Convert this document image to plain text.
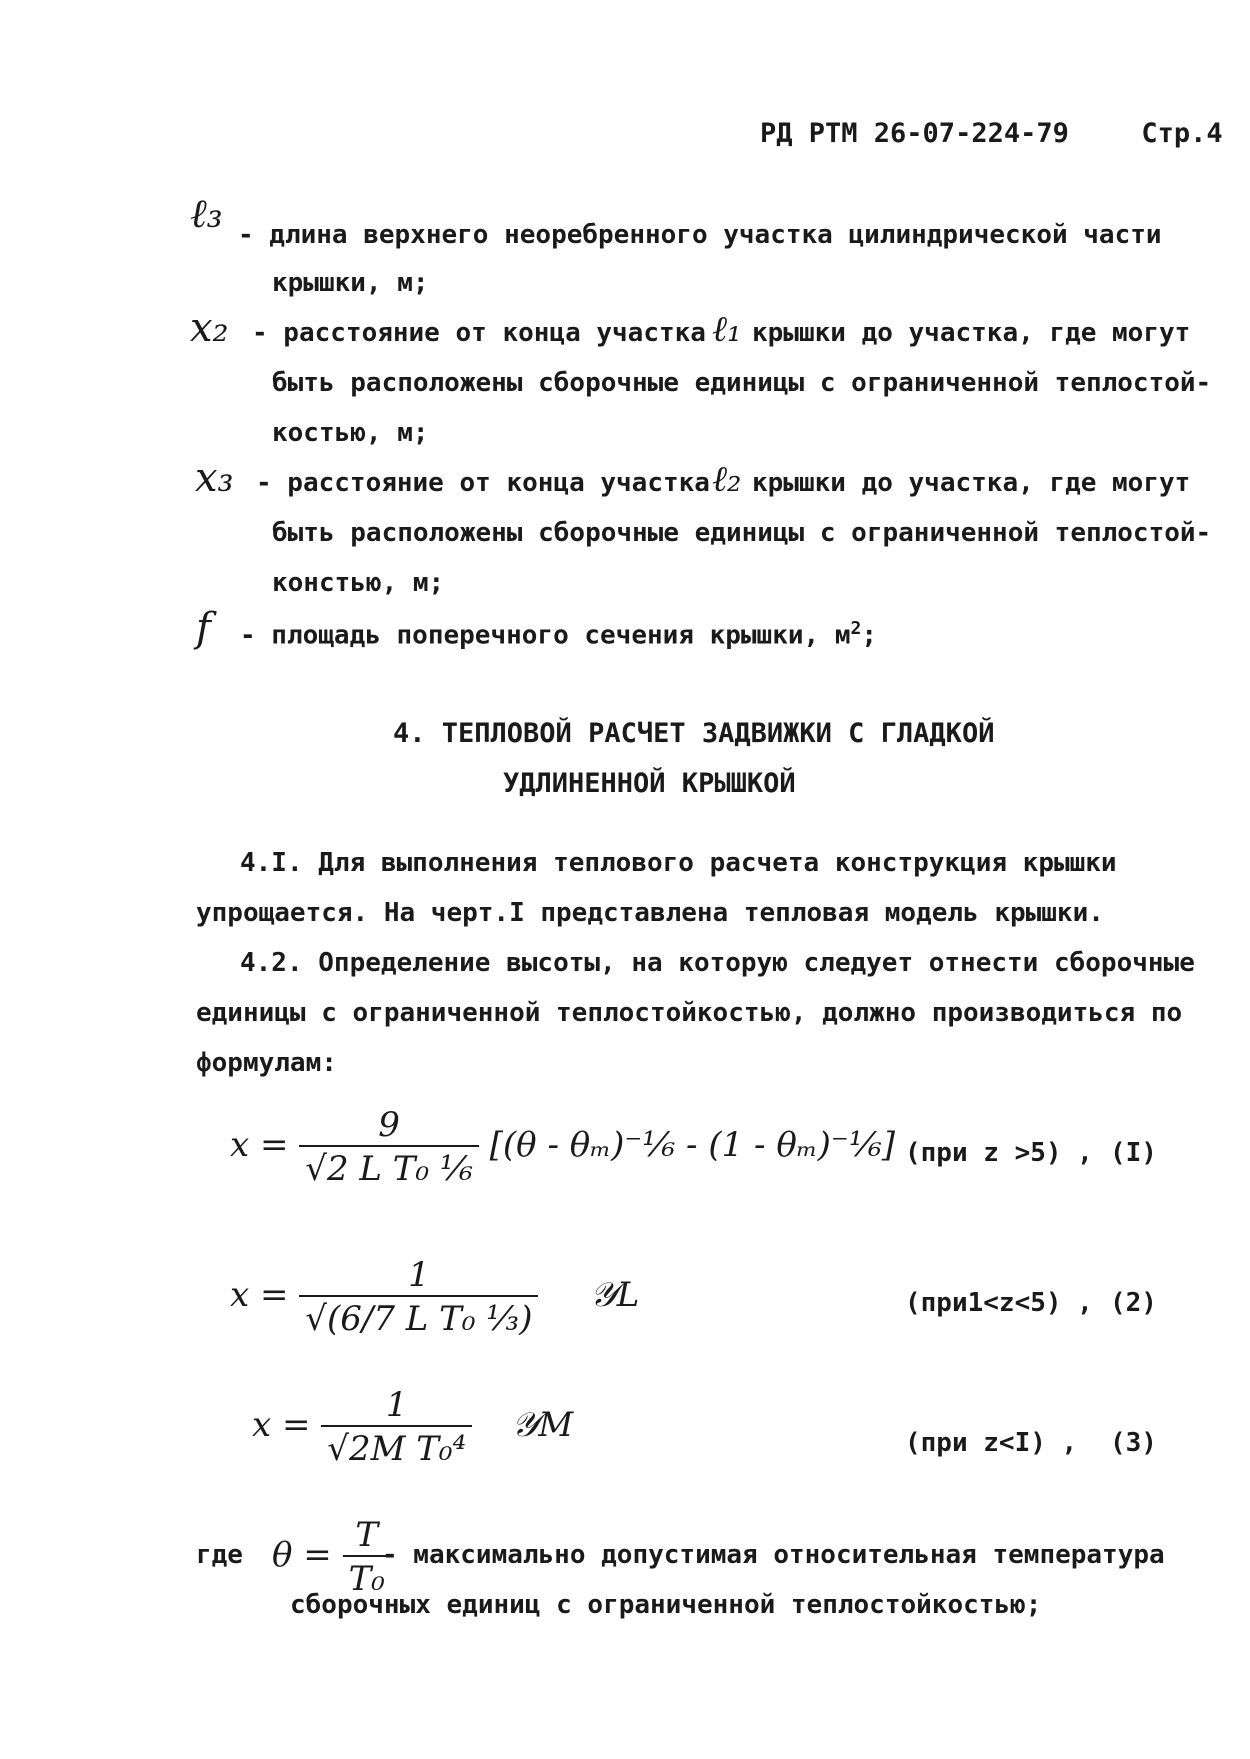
РД РТМ 26-07-224-79	Стр.4
ℓ₃ - длина верхнего неоребренного участка цилиндрической части
крышки, м;
x₂ - расстояние от конца участка ℓ₁ крышки до участка, где могут
быть расположены сборочные единицы с ограниченной теплостой-
костью, м;
x₃ - расстояние от конца участка ℓ₂ крышки до участка, где могут
быть расположены сборочные единицы с ограниченной теплостой-
констью, м;
f - площадь поперечного сечения крышки, $м^2$;
4. ТЕПЛОВОЙ РАСЧЕТ ЗАДВИЖКИ С ГЛАДКОЙ
УДЛИНЕННОЙ КРЫШКОЙ
4.I. Для выполнения теплового расчета конструкция крышки
упрощается. На черт.I представлена тепловая модель крышки.
4.2. Определение высоты, на которую следует отнести сборочные
единицы с ограниченной теплостойкостью, должно производиться по
формулам:
$x = \frac{9}{\text{√2 L T₀ ¹⁄₆}} [(\theta$ - θₘ)⁻¹⁄₆ - (1 - θₘ)⁻¹⁄₆] (при z >5) , (I)
$x = \frac{1}{\text{√(6/7 L T₀ ¹⁄₃)}}$ 𝒴L	(при1<z<5) , (2)
$x = \frac{1}{\text{√2M T₀⁴}}$ 𝒴M	(при z<I) , (3)
где $\theta = \frac{T}{\text{T₀}}$
- максимально допустимая относительная температура
сборочных единиц с ограниченной теплостойкостью;
